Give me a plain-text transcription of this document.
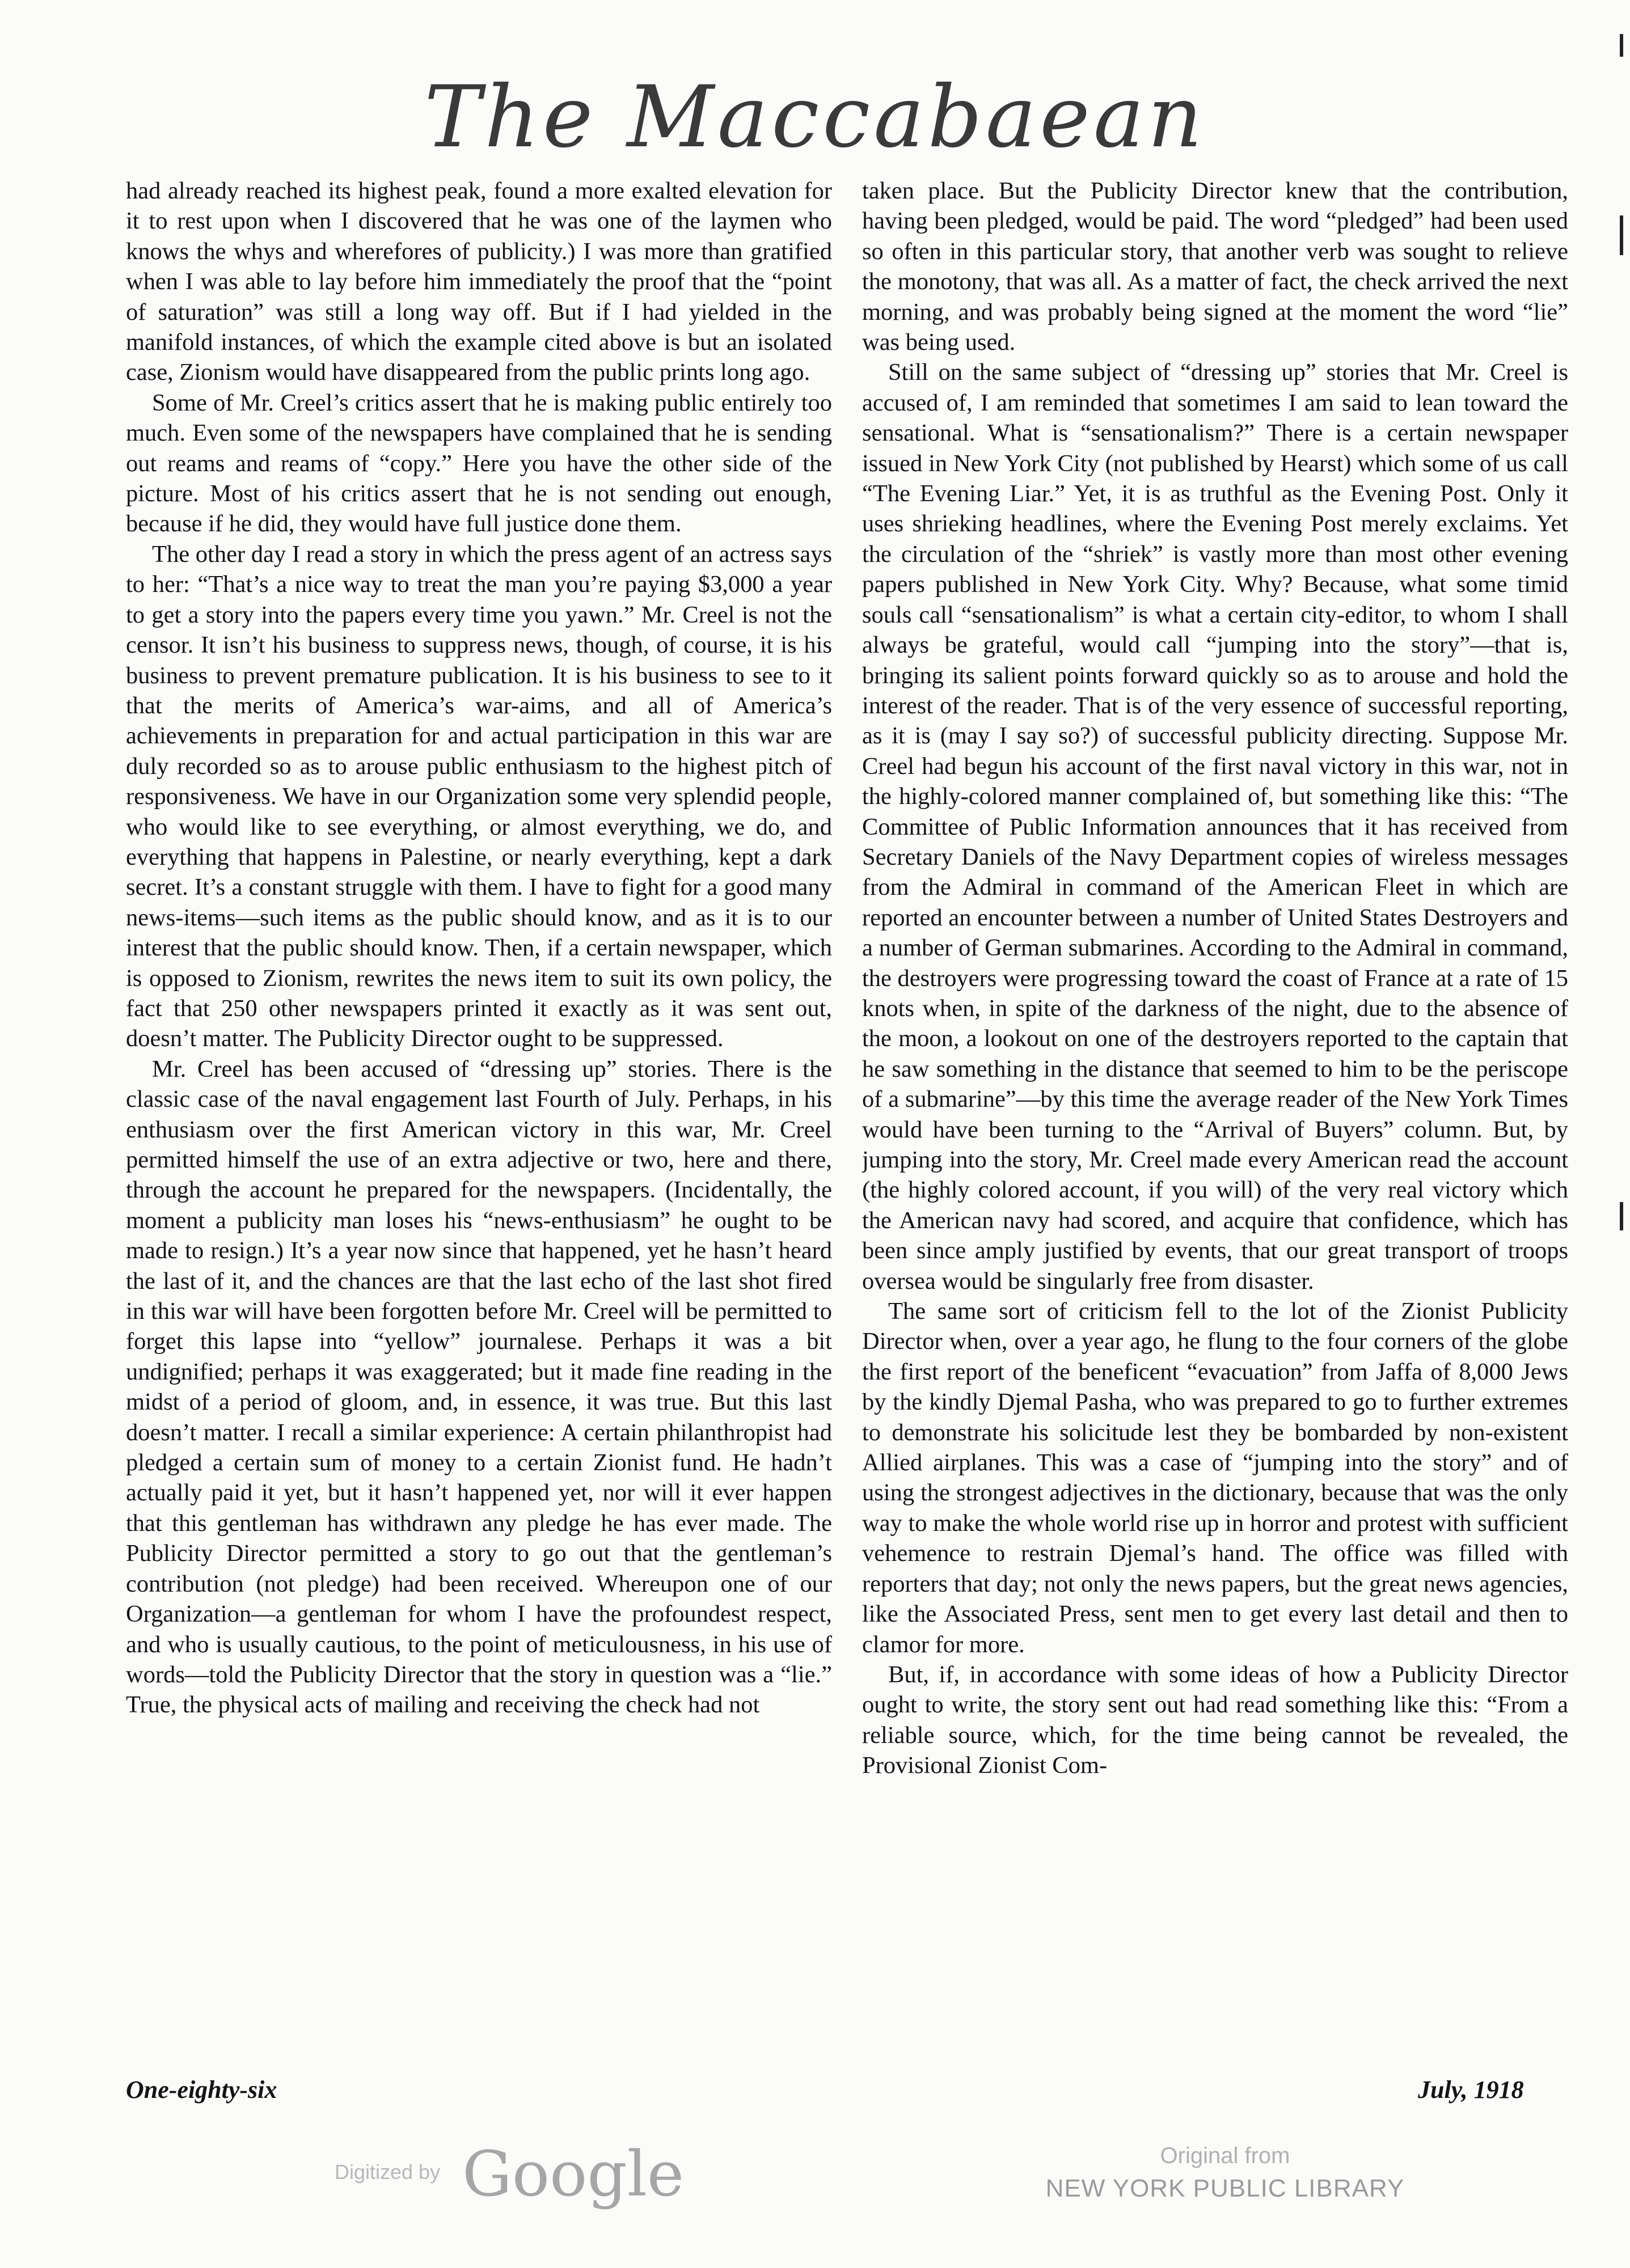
The Maccabaean

had already reached its highest peak, found a more exalted elevation for it to rest upon when I discovered that he was one of the laymen who knows the whys and wherefores of publicity.) I was more than gratified when I was able to lay before him immediately the proof that the “point of saturation” was still a long way off. But if I had yielded in the manifold instances, of which the example cited above is but an isolated case, Zionism would have disappeared from the public prints long ago.

Some of Mr. Creel’s critics assert that he is making public entirely too much. Even some of the newspapers have complained that he is sending out reams and reams of “copy.” Here you have the other side of the picture. Most of his critics assert that he is not sending out enough, because if he did, they would have full justice done them.

The other day I read a story in which the press agent of an actress says to her: “That’s a nice way to treat the man you’re paying $3,000 a year to get a story into the papers every time you yawn.” Mr. Creel is not the censor. It isn’t his business to suppress news, though, of course, it is his business to prevent premature publication. It is his business to see to it that the merits of America’s war-aims, and all of America’s achievements in preparation for and actual participation in this war are duly recorded so as to arouse public enthusiasm to the highest pitch of responsiveness. We have in our Organization some very splendid people, who would like to see everything, or almost everything, we do, and everything that happens in Palestine, or nearly everything, kept a dark secret. It’s a constant struggle with them. I have to fight for a good many news-items—such items as the public should know, and as it is to our interest that the public should know. Then, if a certain newspaper, which is opposed to Zionism, rewrites the news item to suit its own policy, the fact that 250 other newspapers printed it exactly as it was sent out, doesn’t matter. The Publicity Director ought to be suppressed.

Mr. Creel has been accused of “dressing up” stories. There is the classic case of the naval engagement last Fourth of July. Perhaps, in his enthusiasm over the first American victory in this war, Mr. Creel permitted himself the use of an extra adjective or two, here and there, through the account he prepared for the newspapers. (Incidentally, the moment a publicity man loses his “news-enthusiasm” he ought to be made to resign.) It’s a year now since that happened, yet he hasn’t heard the last of it, and the chances are that the last echo of the last shot fired in this war will have been forgotten before Mr. Creel will be permitted to forget this lapse into “yellow” journalese. Perhaps it was a bit undignified; perhaps it was exaggerated; but it made fine reading in the midst of a period of gloom, and, in essence, it was true. But this last doesn’t matter. I recall a similar experience: A certain philanthropist had pledged a certain sum of money to a certain Zionist fund. He hadn’t actually paid it yet, but it hasn’t happened yet, nor will it ever happen that this gentleman has withdrawn any pledge he has ever made. The Publicity Director permitted a story to go out that the gentleman’s contribution (not pledge) had been received. Whereupon one of our Organization—a gentleman for whom I have the profoundest respect, and who is usually cautious, to the point of meticulousness, in his use of words—told the Publicity Director that the story in question was a “lie.” True, the physical acts of mailing and receiving the check had not

taken place. But the Publicity Director knew that the contribution, having been pledged, would be paid. The word “pledged” had been used so often in this particular story, that another verb was sought to relieve the monotony, that was all. As a matter of fact, the check arrived the next morning, and was probably being signed at the moment the word “lie” was being used.

Still on the same subject of “dressing up” stories that Mr. Creel is accused of, I am reminded that sometimes I am said to lean toward the sensational. What is “sensationalism?” There is a certain newspaper issued in New York City (not published by Hearst) which some of us call “The Evening Liar.” Yet, it is as truthful as the Evening Post. Only it uses shrieking headlines, where the Evening Post merely exclaims. Yet the circulation of the “shriek” is vastly more than most other evening papers published in New York City. Why? Because, what some timid souls call “sensationalism” is what a certain city-editor, to whom I shall always be grateful, would call “jumping into the story”—that is, bringing its salient points forward quickly so as to arouse and hold the interest of the reader. That is of the very essence of successful reporting, as it is (may I say so?) of successful publicity directing. Suppose Mr. Creel had begun his account of the first naval victory in this war, not in the highly-colored manner complained of, but something like this: “The Committee of Public Information announces that it has received from Secretary Daniels of the Navy Department copies of wireless messages from the Admiral in command of the American Fleet in which are reported an encounter between a number of United States Destroyers and a number of German submarines. According to the Admiral in command, the destroyers were progressing toward the coast of France at a rate of 15 knots when, in spite of the darkness of the night, due to the absence of the moon, a lookout on one of the destroyers reported to the captain that he saw something in the distance that seemed to him to be the periscope of a submarine”—by this time the average reader of the New York Times would have been turning to the “Arrival of Buyers” column. But, by jumping into the story, Mr. Creel made every American read the account (the highly colored account, if you will) of the very real victory which the American navy had scored, and acquire that confidence, which has been since amply justified by events, that our great transport of troops oversea would be singularly free from disaster.

The same sort of criticism fell to the lot of the Zionist Publicity Director when, over a year ago, he flung to the four corners of the globe the first report of the beneficent “evacuation” from Jaffa of 8,000 Jews by the kindly Djemal Pasha, who was prepared to go to further extremes to demonstrate his solicitude lest they be bombarded by non-existent Allied airplanes. This was a case of “jumping into the story” and of using the strongest adjectives in the dictionary, because that was the only way to make the whole world rise up in horror and protest with sufficient vehemence to restrain Djemal’s hand. The office was filled with reporters that day; not only the news papers, but the great news agencies, like the Associated Press, sent men to get every last detail and then to clamor for more.

But, if, in accordance with some ideas of how a Publicity Director ought to write, the story sent out had read something like this: “From a reliable source, which, for the time being cannot be revealed, the Provisional Zionist Com-

One-eighty-six	July, 1918
Digitized by Google	Original from
NEW YORK PUBLIC LIBRARY
